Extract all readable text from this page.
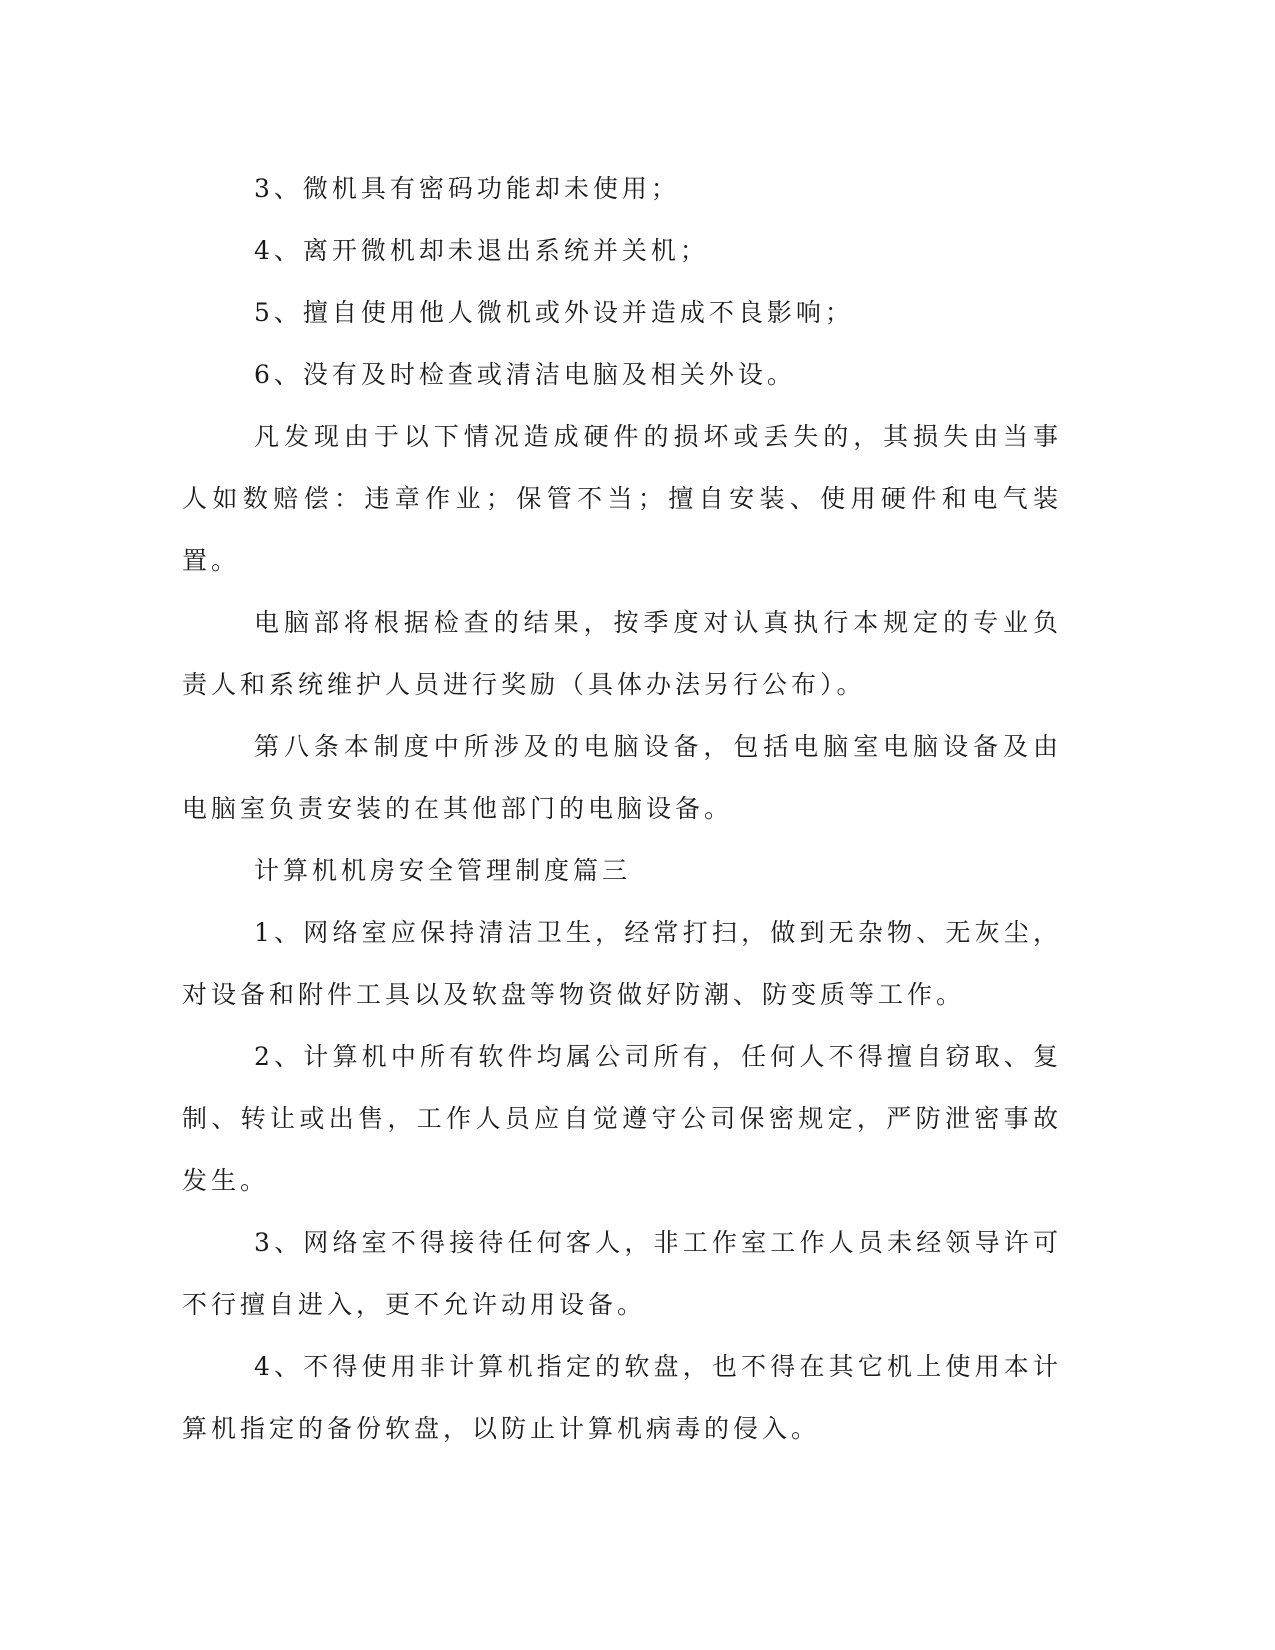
3、微机具有密码功能却未使用；

4、离开微机却未退出系统并关机；

5、擅自使用他人微机或外设并造成不良影响；

6、没有及时检查或清洁电脑及相关外设。

凡发现由于以下情况造成硬件的损坏或丢失的，其损失由当事人如数赔偿：违章作业；保管不当；擅自安装、使用硬件和电气装置。

电脑部将根据检查的结果，按季度对认真执行本规定的专业负责人和系统维护人员进行奖励（具体办法另行公布）。

第八条本制度中所涉及的电脑设备，包括电脑室电脑设备及由电脑室负责安装的在其他部门的电脑设备。

计算机机房安全管理制度篇三

1、网络室应保持清洁卫生，经常打扫，做到无杂物、无灰尘，对设备和附件工具以及软盘等物资做好防潮、防变质等工作。

2、计算机中所有软件均属公司所有，任何人不得擅自窃取、复制、转让或出售，工作人员应自觉遵守公司保密规定，严防泄密事故发生。

3、网络室不得接待任何客人，非工作室工作人员未经领导许可不行擅自进入，更不允许动用设备。

4、不得使用非计算机指定的软盘，也不得在其它机上使用本计算机指定的备份软盘，以防止计算机病毒的侵入。
